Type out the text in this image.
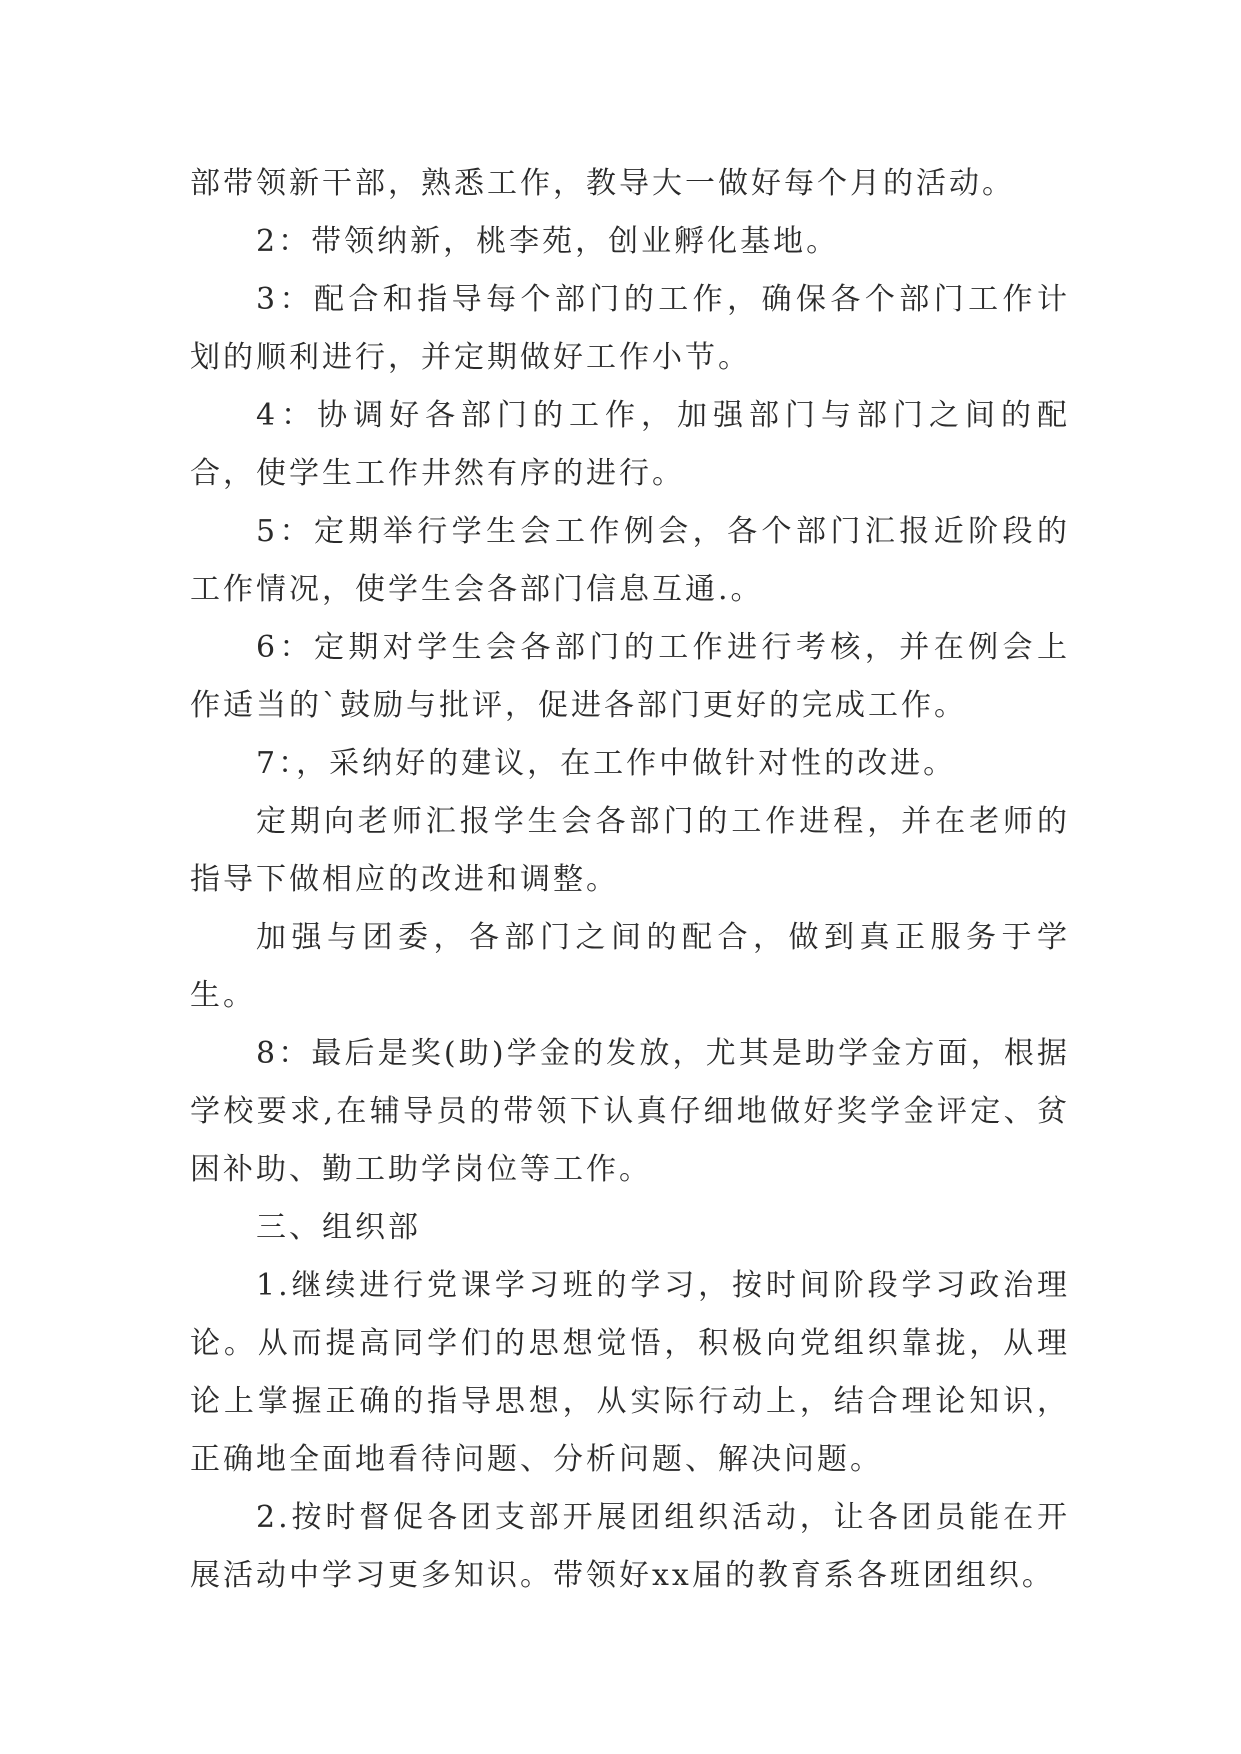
部带领新干部，熟悉工作，教导大一做好每个月的活动。

2：带领纳新，桃李苑，创业孵化基地。

3：配合和指导每个部门的工作，确保各个部门工作计划的顺利进行，并定期做好工作小节。

4：协调好各部门的工作，加强部门与部门之间的配合，使学生工作井然有序的进行。

5：定期举行学生会工作例会，各个部门汇报近阶段的工作情况，使学生会各部门信息互通.。

6：定期对学生会各部门的工作进行考核，并在例会上作适当的`鼓励与批评，促进各部门更好的完成工作。

7：，采纳好的建议，在工作中做针对性的改进。

定期向老师汇报学生会各部门的工作进程，并在老师的指导下做相应的改进和调整。

加强与团委，各部门之间的配合，做到真正服务于学生。

8：最后是奖(助)学金的发放，尤其是助学金方面，根据学校要求,在辅导员的带领下认真仔细地做好奖学金评定、贫困补助、勤工助学岗位等工作。

三、组织部

1.继续进行党课学习班的学习，按时间阶段学习政治理论。从而提高同学们的思想觉悟，积极向党组织靠拢，从理论上掌握正确的指导思想，从实际行动上，结合理论知识，正确地全面地看待问题、分析问题、解决问题。

2.按时督促各团支部开展团组织活动，让各团员能在开展活动中学习更多知识。带领好xx届的教育系各班团组织。
